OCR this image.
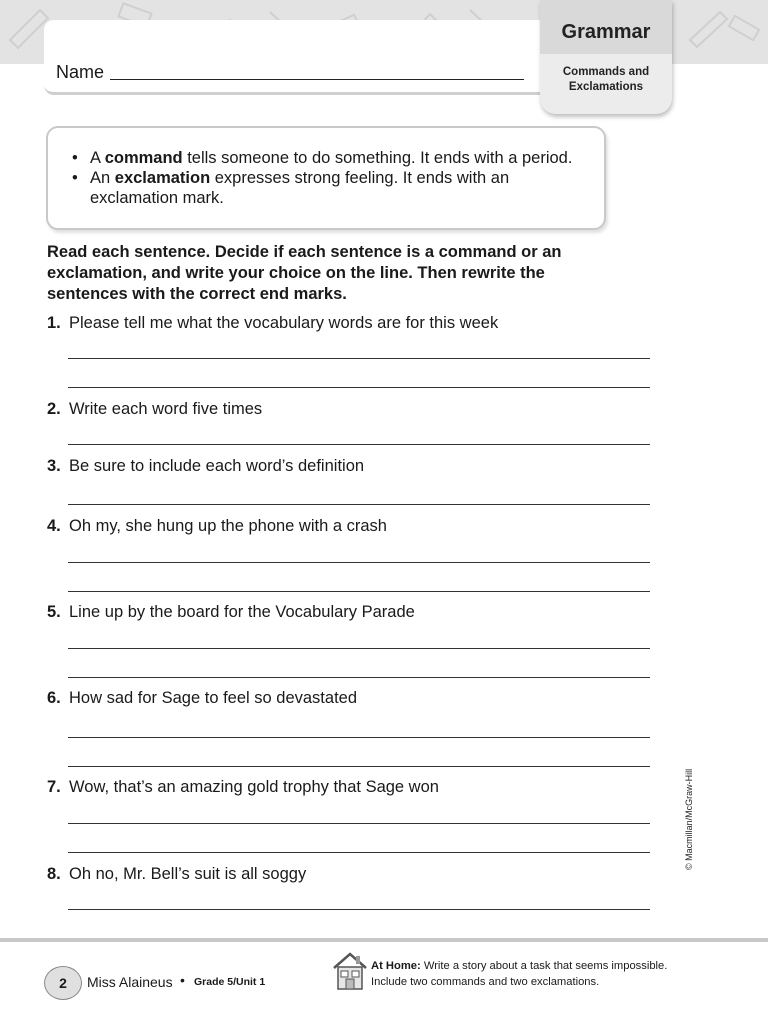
Name
Grammar
Commands and
Exclamations
• A command tells someone to do something. It ends with a period.
• An exclamation expresses strong feeling. It ends with an exclamation mark.
Read each sentence. Decide if each sentence is a command or an exclamation, and write your choice on the line. Then rewrite the sentences with the correct end marks.
1. Please tell me what the vocabulary words are for this week
2. Write each word five times
3. Be sure to include each word’s definition
4. Oh my, she hung up the phone with a crash
5. Line up by the board for the Vocabulary Parade
6. How sad for Sage to feel so devastated
7. Wow, that’s an amazing gold trophy that Sage won
8. Oh no, Mr. Bell’s suit is all soggy
© Macmillan/McGraw-Hill
2	Miss Alaineus • Grade 5/Unit 1
At Home: Write a story about a task that seems impossible. Include two commands and two exclamations.
